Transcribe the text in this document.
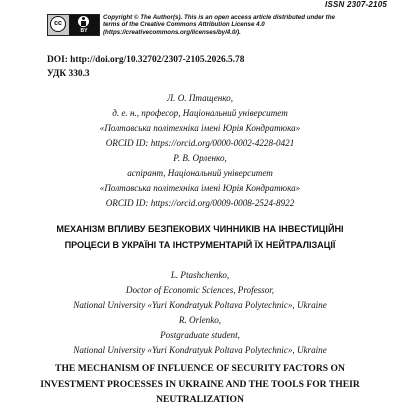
ISSN 2307-2105
cc
BY
Copyright © The Author(s). This is an open access article distributed under the
terms of the Creative Commons Attribution License 4.0
(https://creativecommons.org/licenses/by/4.0/).
DOI: http://doi.org/10.32702/2307-2105.2026.5.78
УДК 330.3
Л. О. Птащенко,
д. е. н., професор, Національний університет
«Полтавська політехніка імені Юрія Кондратюка»
ORCID ID: https://orcid.org/0000-0002-4228-0421
Р. В. Орленко,
аспірант, Національний університет
«Полтавська політехніка імені Юрія Кондратюка»
ORCID ID: https://orcid.org/0009-0008-2524-8922
МЕХАНІЗМ ВПЛИВУ БЕЗПЕКОВИХ ЧИННИКІВ НА ІНВЕСТИЦІЙНІ
ПРОЦЕСИ В УКРАЇНІ ТА ІНСТРУМЕНТАРІЙ ЇХ НЕЙТРАЛІЗАЦІЇ
L. Ptashchenko,
Doctor of Economic Sciences, Professor,
National University «Yuri Kondratyuk Poltava Polytechnic», Ukraine
R. Orlenko,
Postgraduate student,
National University «Yuri Kondratyuk Poltava Polytechnic», Ukraine
THE MECHANISM OF INFLUENCE OF SECURITY FACTORS ON
INVESTMENT PROCESSES IN UKRAINE AND THE TOOLS FOR THEIR
NEUTRALIZATION
